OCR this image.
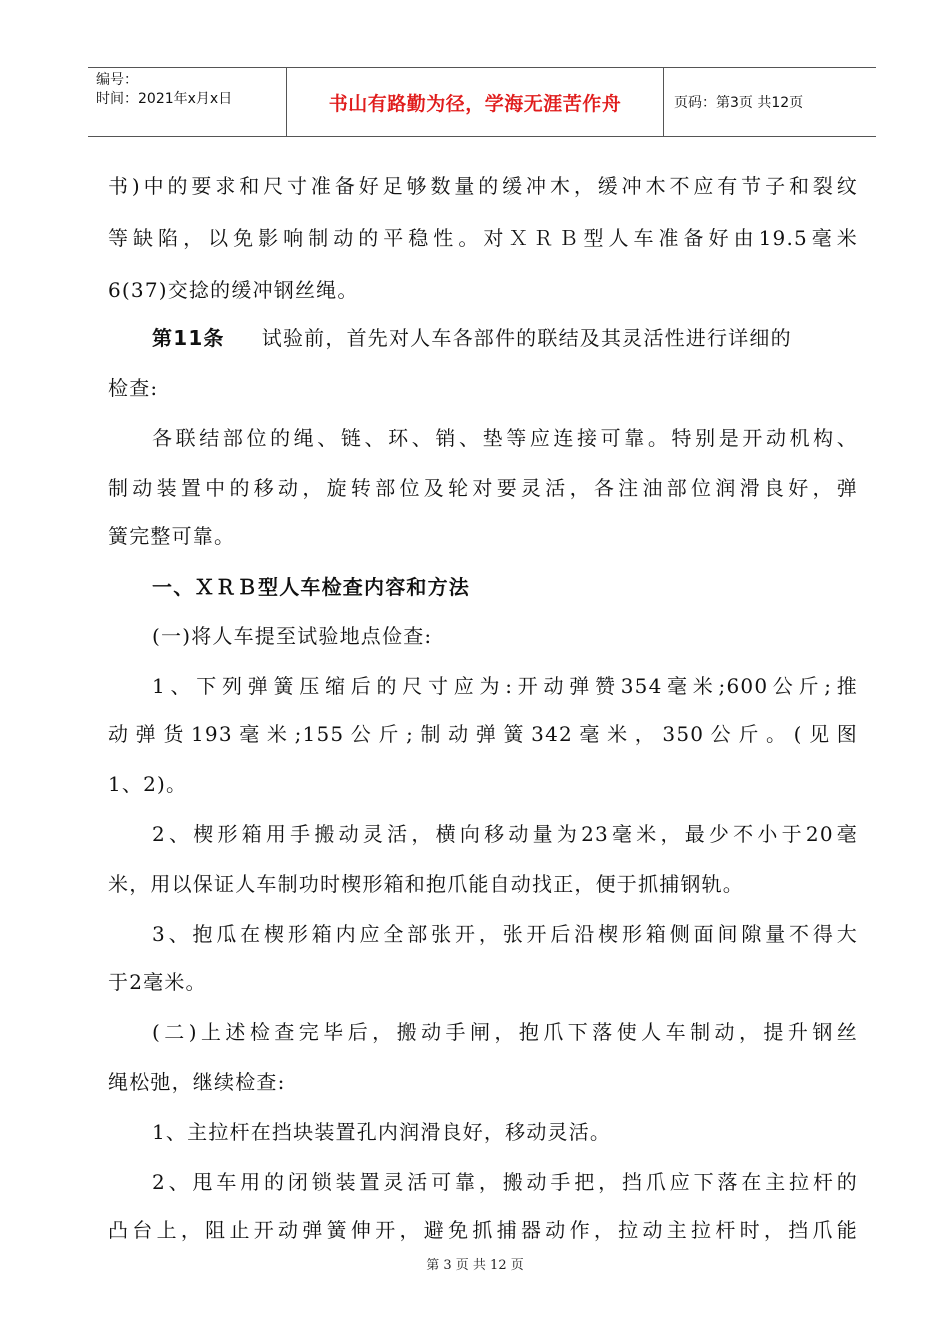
编号：
时间：2021年x月x日	书山有路勤为径，学海无涯苦作舟	页码：第3页 共12页
书)中的要求和尺寸准备好足够数量的缓冲木，缓冲木不应有节子和裂纹
等缺陷，以免影响制动的平稳性。对ＸＲＢ型人车准备好由19.5毫米
6(37)交捻的缓冲钢丝绳。
第11条 试验前，首先对人车各部件的联结及其灵活性进行详细的
检查:
各联结部位的绳、链、环、销、垫等应连接可靠。特别是开动机构、
制动装置中的移动，旋转部位及轮对要灵活，各注油部位润滑良好，弹
簧完整可靠。
一、ＸＲＢ型人车检查内容和方法
(一)将人车提至试验地点俭查:
1、下列弹簧压缩后的尺寸应为:开动弹赞354毫米;600公斤;推
动弹货193毫米;155公斤;制动弹簧342毫米，350公斤。(见图
1、2)。
2、楔形箱用手搬动灵活，横向移动量为23毫米，最少不小于20毫
米，用以保证人车制功时楔形箱和抱爪能自动找正，便于抓捕钢轨。
3、抱瓜在楔形箱内应全部张开，张开后沿楔形箱侧面间隙量不得大
于2毫米。
(二)上述检查完毕后，搬动手闸，抱爪下落使人车制动，提升钢丝
绳松弛，继续检查:
1、主拉杆在挡块装置孔内润滑良好，移动灵活。
2、甩车用的闭锁装置灵活可靠，搬动手把，挡爪应下落在主拉杆的
凸台上，阻止开动弹簧伸开，避免抓捕器动作，拉动主拉杆时，挡爪能
第 3 页 共 12 页
